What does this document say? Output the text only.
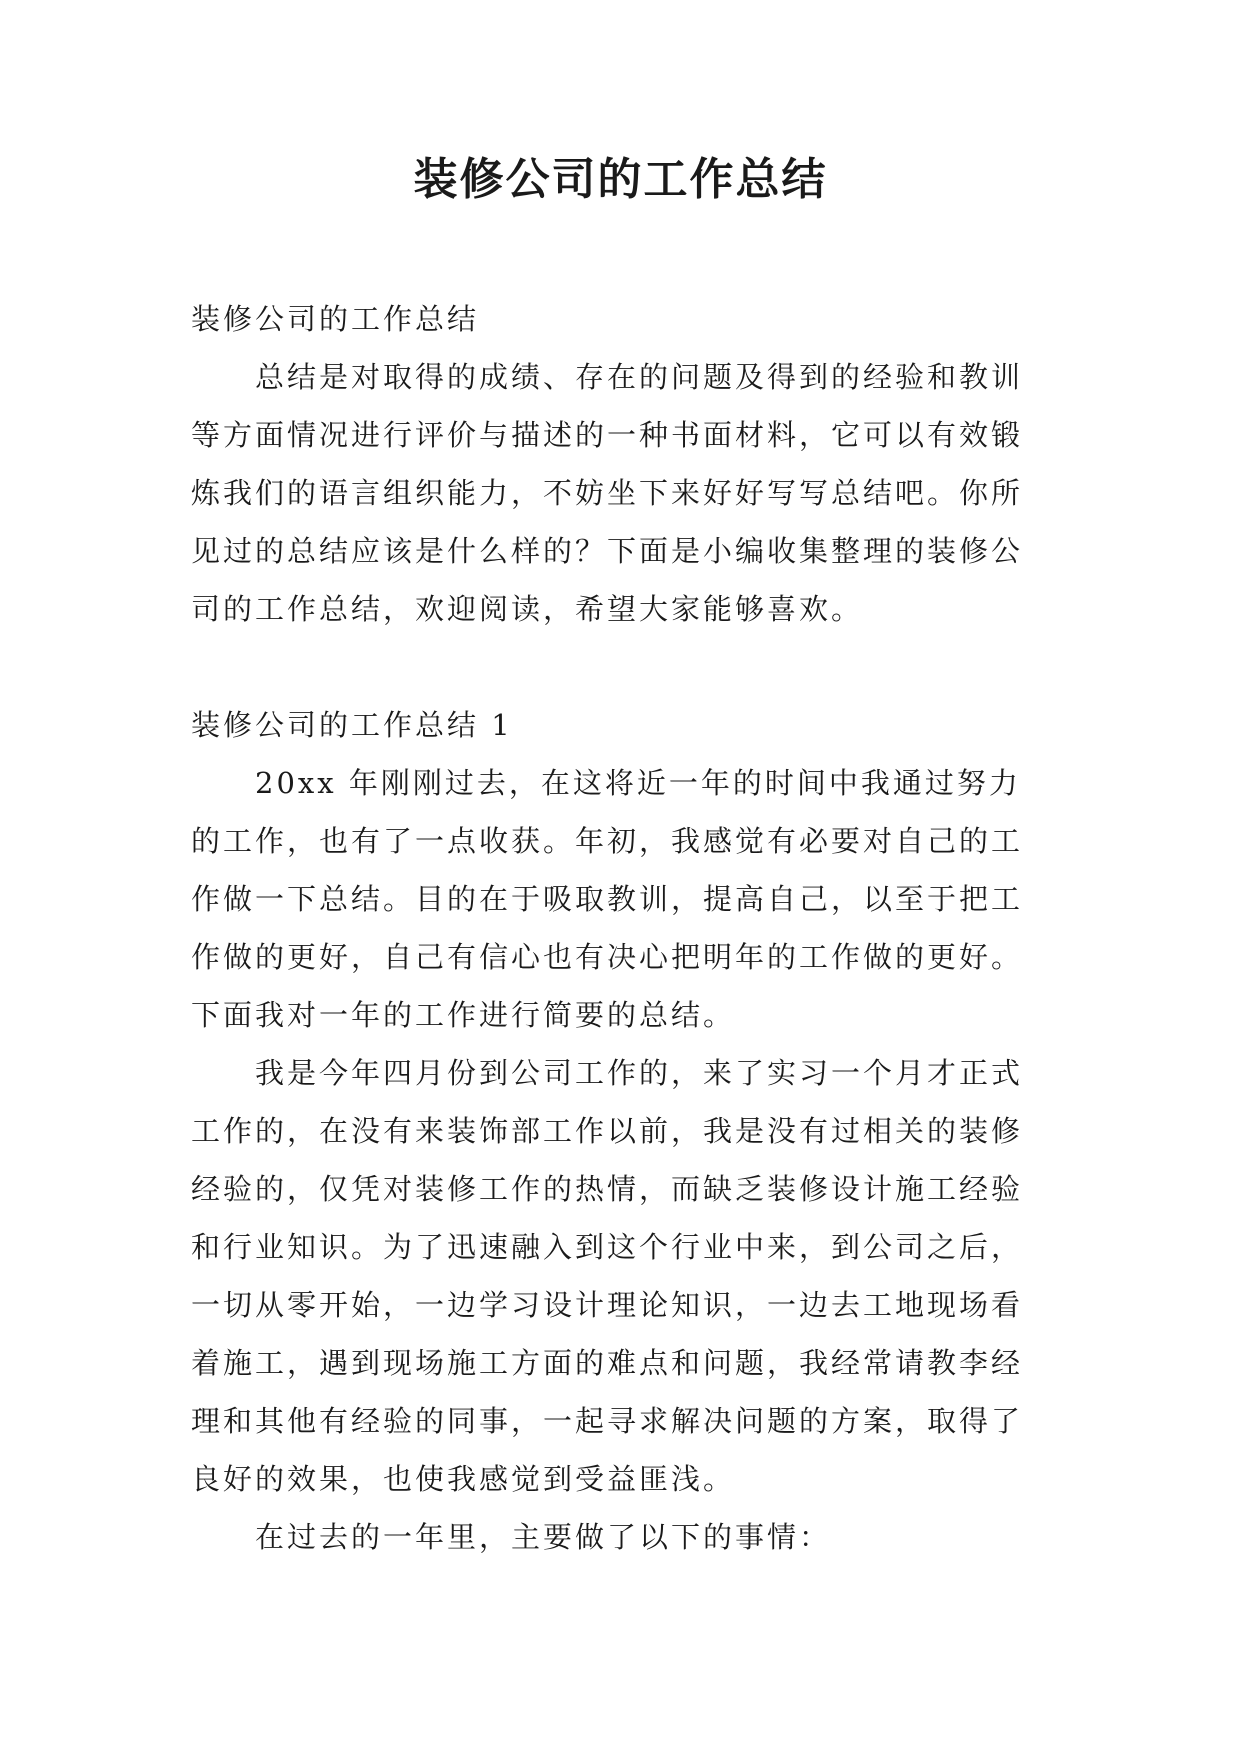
装修公司的工作总结

装修公司的工作总结

总结是对取得的成绩、存在的问题及得到的经验和教训等方面情况进行评价与描述的一种书面材料，它可以有效锻炼我们的语言组织能力，不妨坐下来好好写写总结吧。你所见过的总结应该是什么样的？下面是小编收集整理的装修公司的工作总结，欢迎阅读，希望大家能够喜欢。

装修公司的工作总结 1

20xx 年刚刚过去，在这将近一年的时间中我通过努力的工作，也有了一点收获。年初，我感觉有必要对自己的工作做一下总结。目的在于吸取教训，提高自己，以至于把工作做的更好，自己有信心也有决心把明年的工作做的更好。下面我对一年的工作进行简要的总结。

我是今年四月份到公司工作的，来了实习一个月才正式工作的，在没有来装饰部工作以前，我是没有过相关的装修经验的，仅凭对装修工作的热情，而缺乏装修设计施工经验和行业知识。为了迅速融入到这个行业中来，到公司之后，一切从零开始，一边学习设计理论知识，一边去工地现场看着施工，遇到现场施工方面的难点和问题，我经常请教李经理和其他有经验的同事，一起寻求解决问题的方案，取得了良好的效果，也使我感觉到受益匪浅。

在过去的一年里，主要做了以下的事情：
